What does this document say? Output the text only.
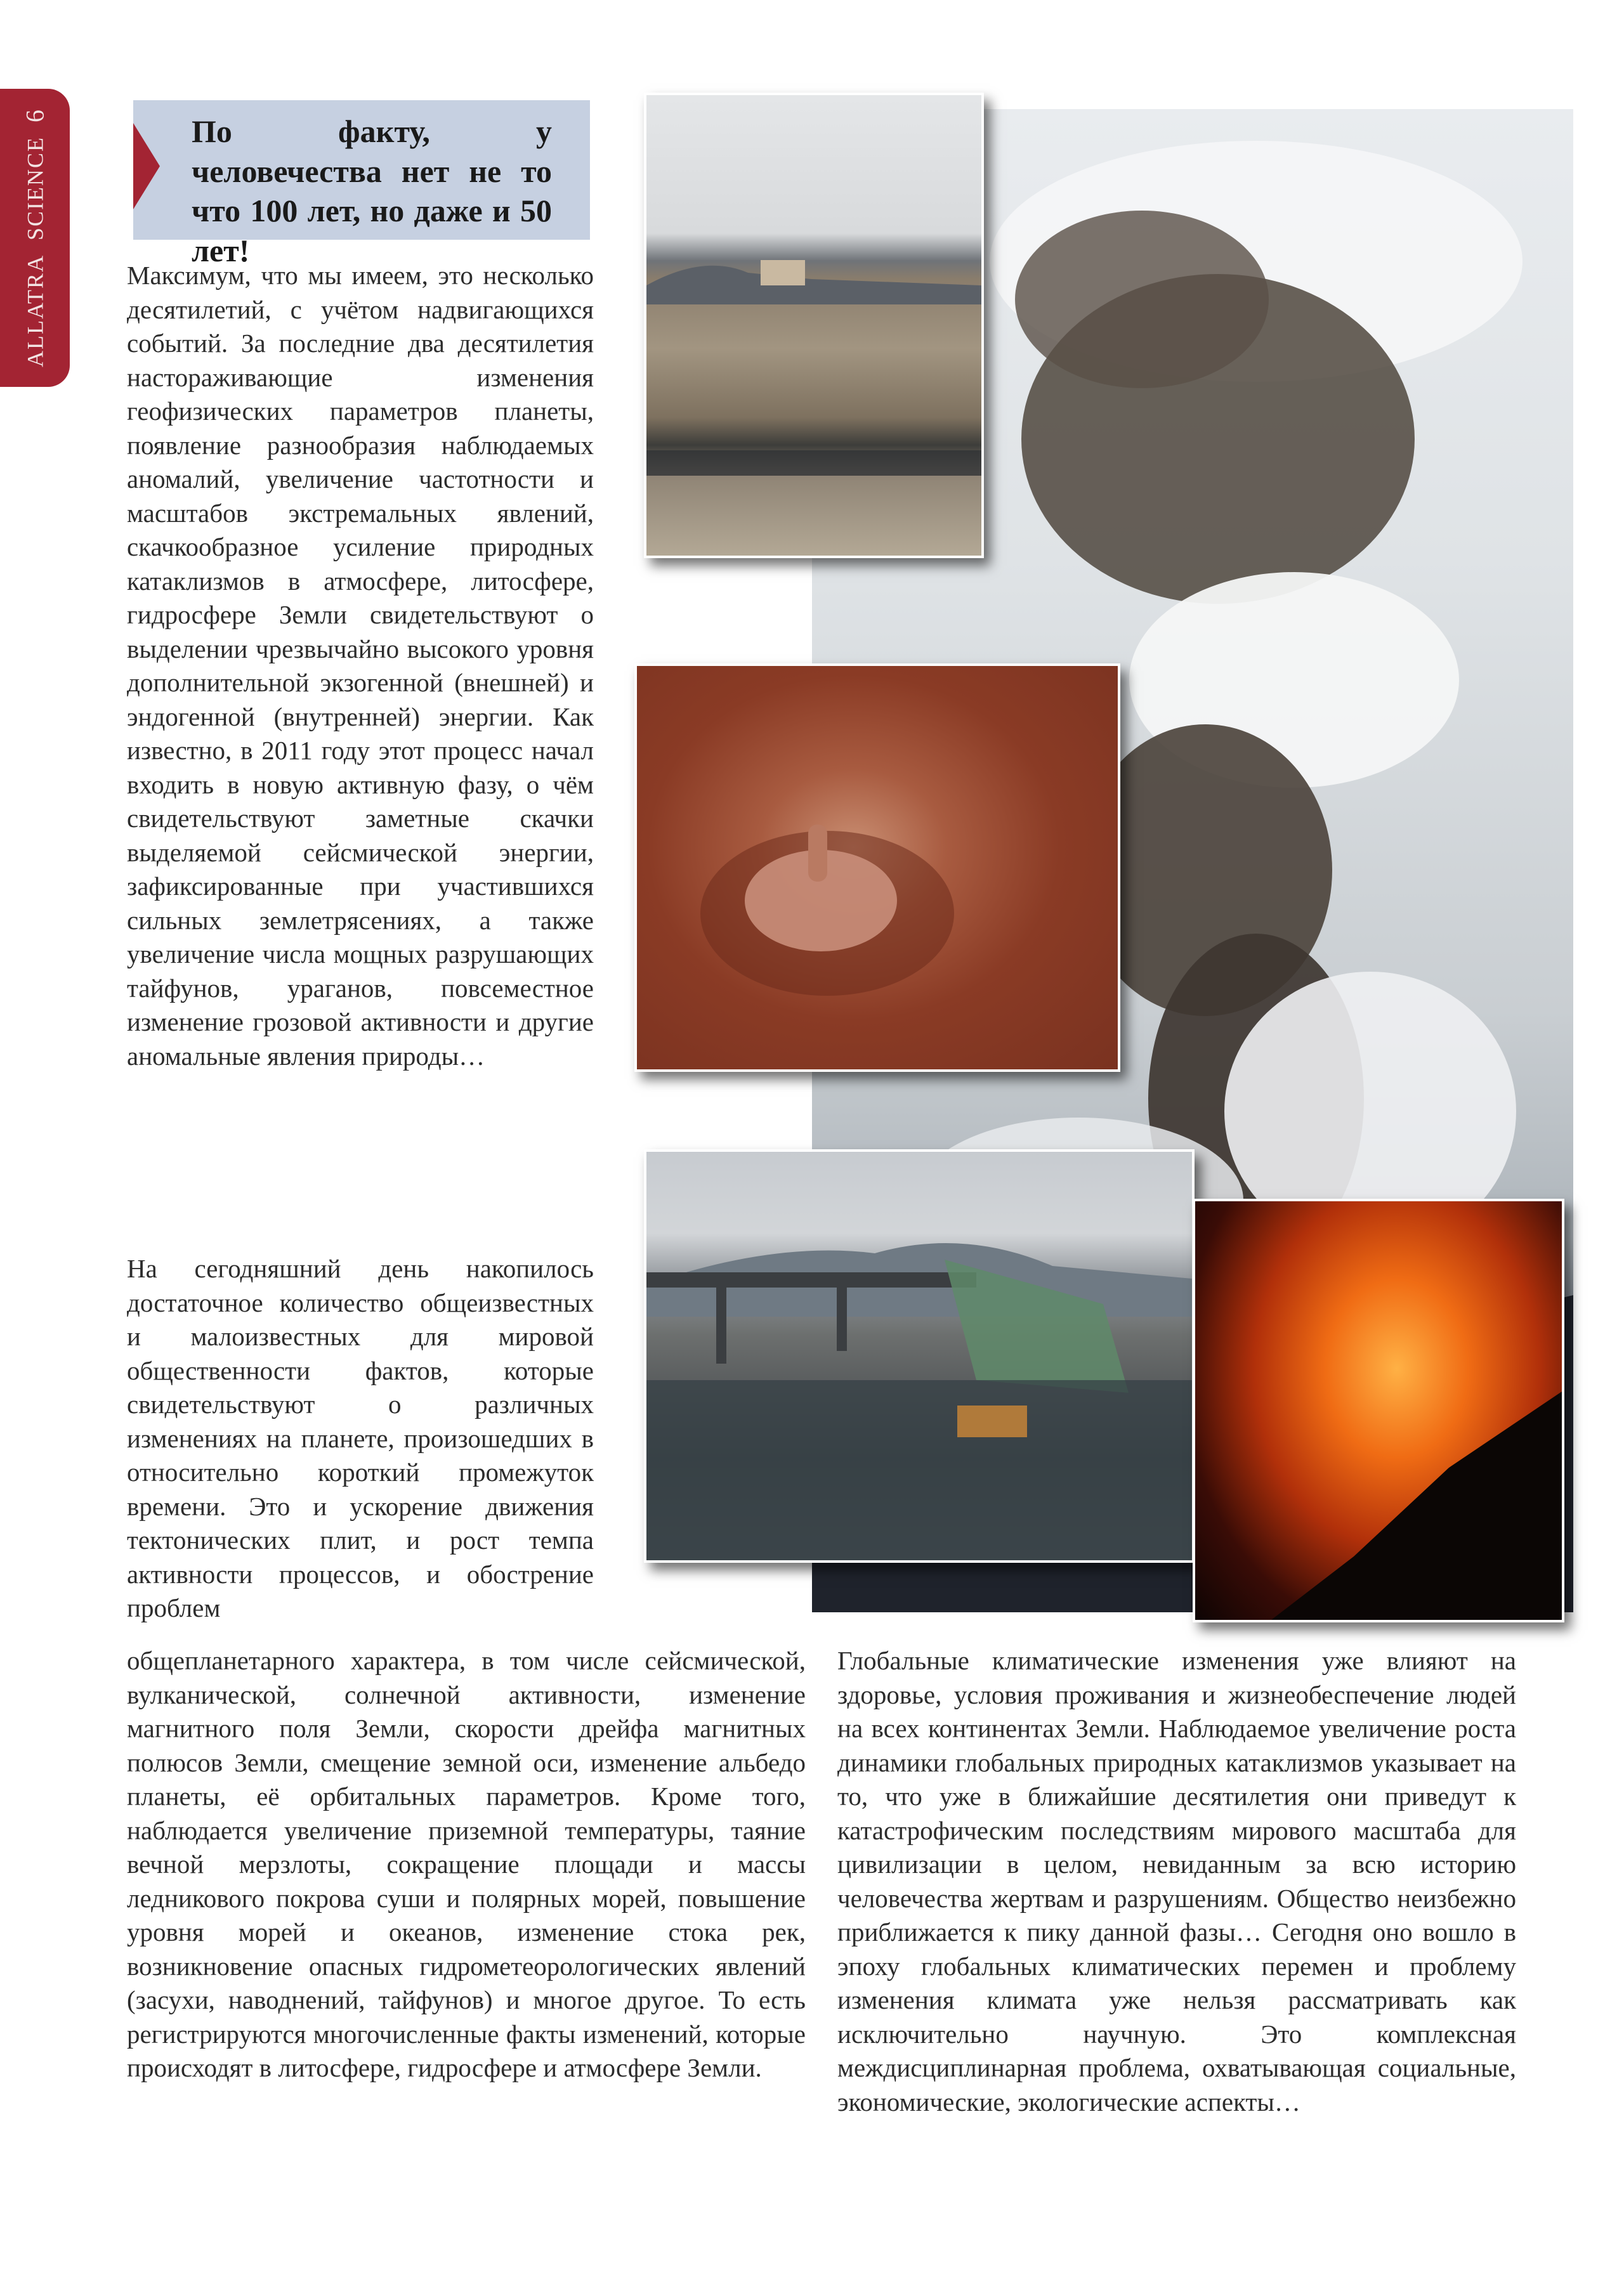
ALLATRA
SCIENCE
6	По факту, у человечества нет не то что 100 лет, но даже и 50 лет!
Максимум, что мы имеем, это несколько десятилетий, с учётом надвигающихся событий. За последние два десятилетия настораживающие изменения геофизических параметров планеты, появление разнообразия наблюдаемых аномалий, увеличение частотности и масштабов экстремальных явлений, скачкообразное усиление природных катаклизмов в атмосфере, литосфере, гидросфере Земли свидетельствуют о выделении чрезвычайно высокого уровня дополнительной экзогенной (внешней) и эндогенной (внутренней) энергии. Как известно, в 2011 году этот процесс начал входить в новую активную фазу, о чём свидетельствуют заметные скачки выделяемой сейсмической энергии, зафиксированные при участившихся сильных землетрясениях, а также увеличение числа мощных разрушающих тайфунов, ураганов, повсеместное изменение грозовой активности и другие аномальные явления природы…
На сегодняшний день накопилось достаточное количество общеизвестных и малоизвестных для мировой общественности фактов, которые свидетельствуют о различных изменениях на планете, произошедших в относительно короткий промежуток времени. Это и ускорение движения тектонических плит, и рост темпа активности процессов, и обострение проблем
общепланетарного характера, в том числе сейсмической, вулканической, солнечной активности, изменение магнитного поля Земли, скорости дрейфа магнитных полюсов Земли, смещение земной оси, изменение альбедо планеты, её орбитальных параметров. Кроме того, наблюдается увеличение приземной температуры, таяние вечной мерзлоты, сокращение площади и массы ледникового покрова суши и полярных морей, повышение уровня морей и океанов, изменение стока рек, возникновение опасных гидрометеорологических явлений (засухи, наводнений, тайфунов) и многое другое. То есть регистрируются многочисленные факты изменений, которые происходят в литосфере, гидросфере и атмосфере Земли.
Глобальные климатические изменения уже влияют на здоровье, условия проживания и жизнеобеспечение людей на всех континентах Земли. Наблюдаемое увеличение роста динамики глобальных природных катаклизмов указывает на то, что уже в ближайшие десятилетия они приведут к катастрофическим последствиям мирового масштаба для цивилизации в целом, невиданным за всю историю человечества жертвам и разрушениям. Общество неизбежно приближается к пику данной фазы… Сегодня оно вошло в эпоху глобальных климатических перемен и проблему изменения климата уже нельзя рассматривать как исключительно научную. Это комплексная междисциплинарная проблема, охватывающая социальные, экономические, экологические аспекты…
